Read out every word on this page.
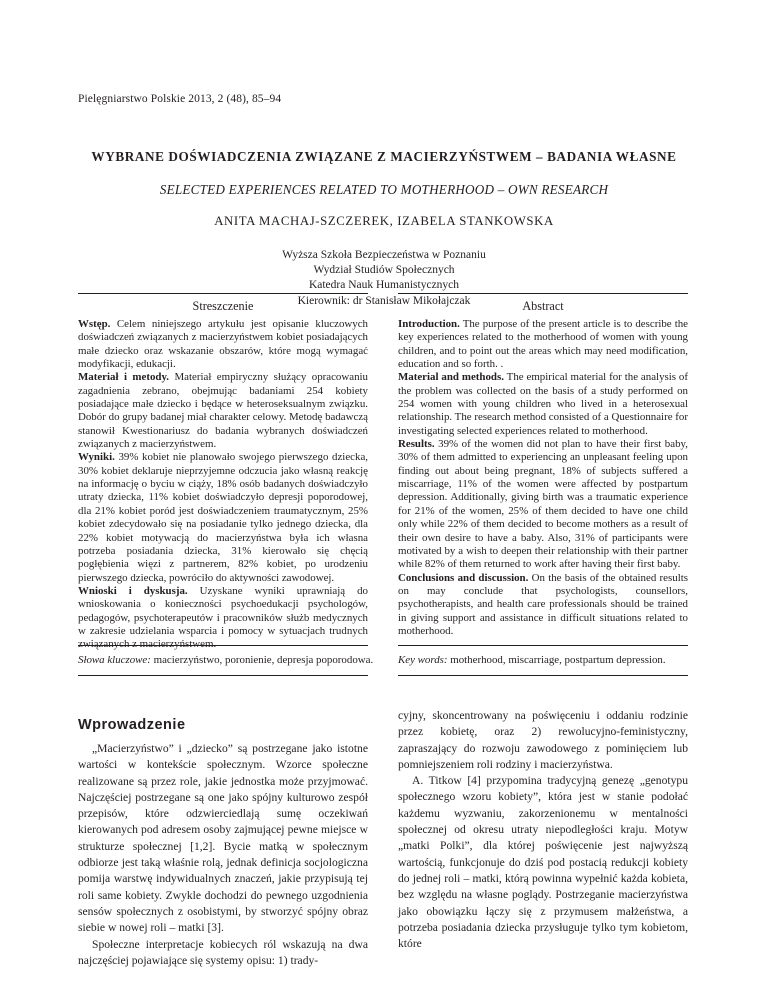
Pielęgniarstwo Polskie 2013, 2 (48), 85–94
WYBRANE DOŚWIADCZENIA ZWIĄZANE Z MACIERZYŃSTWEM – BADANIA WŁASNE
SELECTED EXPERIENCES RELATED TO MOTHERHOOD – OWN RESEARCH
ANITA MACHAJ-SZCZEREK, IZABELA STANKOWSKA
Wyższa Szkoła Bezpieczeństwa w Poznaniu
Wydział Studiów Społecznych
Katedra Nauk Humanistycznych
Kierownik: dr Stanisław Mikołajczak
Streszczenie	Abstract

Wstęp. Celem niniejszego artykułu jest opisanie kluczowych doświadczeń związanych z macierzyństwem kobiet posiadających małe dziecko oraz wskazanie obszarów, które mogą wymagać modyfikacji, edukacji.

Materiał i metody. Materiał empiryczny służący opracowaniu zagadnienia zebrano, obejmując badaniami 254 kobiety posiadające małe dziecko i będące w heteroseksualnym związku. Dobór do grupy badanej miał charakter celowy. Metodę badawczą stanowił Kwestionariusz do badania wybranych doświadczeń związanych z macierzyństwem.

Wyniki. 39% kobiet nie planowało swojego pierwszego dziecka, 30% kobiet deklaruje nieprzyjemne odczucia jako własną reakcję na informację o byciu w ciąży, 18% osób badanych doświadczyło utraty dziecka, 11% kobiet doświadczyło depresji poporodowej, dla 21% kobiet poród jest doświadczeniem traumatycznym, 25% kobiet zdecydowało się na posiadanie tylko jednego dziecka, dla 22% kobiet motywacją do macierzyństwa była ich własna potrzeba posiadania dziecka, 31% kierowało się chęcią pogłębienia więzi z partnerem, 82% kobiet, po urodzeniu pierwszego dziecka, powróciło do aktywności zawodowej.

Wnioski i dyskusja. Uzyskane wyniki uprawniają do wnioskowania o konieczności psychoedukacji psychologów, pedagogów, psychoterapeutów i pracowników służb medycznych w zakresie udzielania wsparcia i pomocy w sytuacjach trudnych związanych z macierzyństwem.

Introduction. The purpose of the present article is to describe the key experiences related to the motherhood of women with young children, and to point out the areas which may need modification, education and so forth. .

Material and methods. The empirical material for the analysis of the problem was collected on the basis of a study performed on 254 women with young children who lived in a heterosexual relationship. The research method consisted of a Questionnaire for investigating selected experiences related to motherhood.

Results. 39% of the women did not plan to have their first baby, 30% of them admitted to experiencing an unpleasant feeling upon finding out about being pregnant, 18% of subjects suffered a miscarriage, 11% of the women were affected by postpartum depression. Additionally, giving birth was a traumatic experience for 21% of the women, 25% of them decided to have one child only while 22% of them decided to become mothers as a result of their own desire to have a baby. Also, 31% of participants were motivated by a wish to deepen their relationship with their partner while 82% of them returned to work after having their first baby.

Conclusions and discussion. On the basis of the obtained results on may conclude that psychologists, counsellors, psychotherapists, and health care professionals should be trained in giving support and assistance in difficult situations related to motherhood.

Słowa kluczowe: macierzyństwo, poronienie, depresja poporodowa. Key words: motherhood, miscarriage, postpartum depression.
Wprowadzenie

„Macierzyństwo” i „dziecko” są postrzegane jako istotne wartości w kontekście społecznym. Wzorce społeczne realizowane są przez role, jakie jednostka może przyjmować. Najczęściej postrzegane są one jako spójny kulturowo zespół przepisów, które odzwierciedlają sumę oczekiwań kierowanych pod adresem osoby zajmującej pewne miejsce w strukturze społecznej [1,2]. Bycie matką w społecznym odbiorze jest taką właśnie rolą, jednak definicja socjologiczna pomija warstwę indywidualnych znaczeń, jakie przypisują tej roli same kobiety. Zwykle dochodzi do pewnego uzgodnienia sensów społecznych z osobistymi, by stworzyć spójny obraz siebie w nowej roli – matki [3].

Społeczne interpretacje kobiecych ról wskazują na dwa najczęściej pojawiające się systemy opisu: 1) trady-

cyjny, skoncentrowany na poświęceniu i oddaniu rodzinie przez kobietę, oraz 2) rewolucyjno-feministyczny, zapraszający do rozwoju zawodowego z pominięciem lub pomniejszeniem roli rodziny i macierzyństwa.

A. Titkow [4] przypomina tradycyjną genezę „genotypu społecznego wzoru kobiety”, która jest w stanie podołać każdemu wyzwaniu, zakorzenionemu w mentalności społecznej od okresu utraty niepodległości kraju. Motyw „matki Polki”, dla której poświęcenie jest najwyższą wartością, funkcjonuje do dziś pod postacią redukcji kobiety do jednej roli – matki, którą powinna wypełnić każda kobieta, bez względu na własne poglądy. Postrzeganie macierzyństwa jako obowiązku łączy się z przymusem małżeństwa, a potrzeba posiadania dziecka przysługuje tylko tym kobietom, które
